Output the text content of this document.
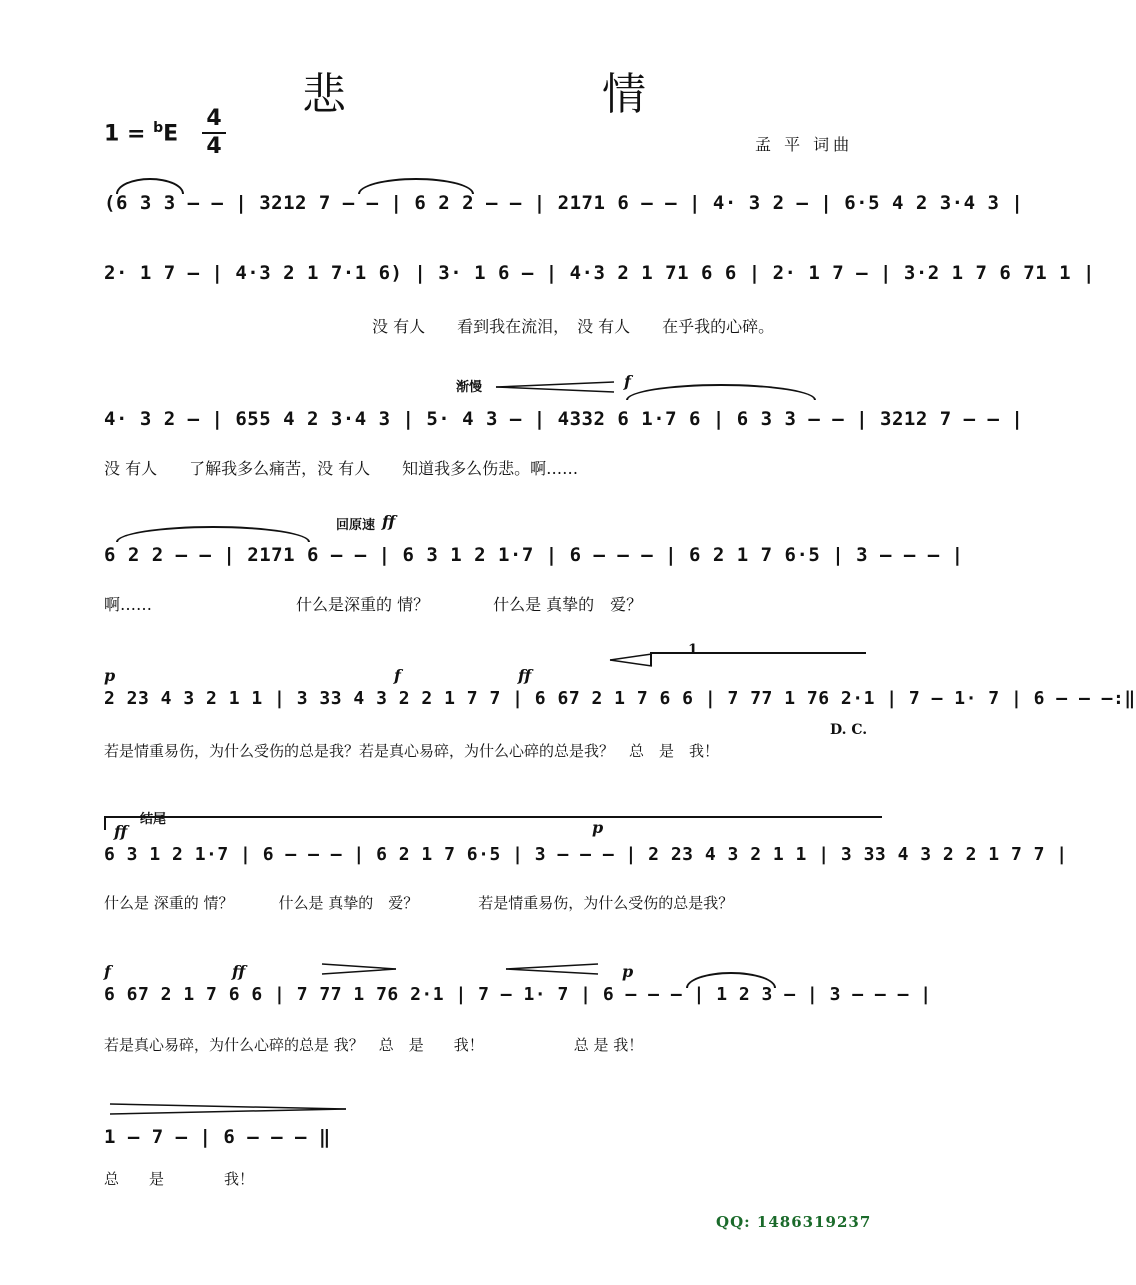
悲　　情
1 = $^b$E
4
4	孟 平 词曲
(6 3 3 — — | 3212 7 — — | 6 2 2 — — | 2171 6 — — | 4· 3 2 — | 6·5 4 2 3·4 3 |
2· 1 7 — | 4·3 2 1 7·1 6) | 3· 1 6 — | 4·3 2 1 71 6 6 | 2· 1 7 — | 3·2 1 7 6 71 1 |
没 有人　　看到我在流泪，　没 有人　　在乎我的心碎。
渐慢	f
4· 3 2 — | 655 4 2 3·4 3 | 5· 4 3 — | 4332 6 1·7 6 | 6 3 3 — — | 3212 7 — — |
没 有人　　了解我多么痛苦，没 有人　　知道我多么伤悲。啊……
回原速 ff
6 2 2 — — | 2171 6 — — | 6 3 1 2 1·7 | 6 — — — | 6 2 1 7 6·5 | 3 — — — |
啊……　　　　　　　　　什么是深重的 情？　　　　什么是 真挚的　爱？
p	f	ff
1
2 23 4 3 2 1 1 | 3 33 4 3 2 2 1 7 7 | 6 67 2 1 7 6 6 | 7 77 1 76 2·1 | 7 — 1· 7 | 6 — — —:‖
D. C.
若是情重易伤，为什么受伤的总是我？若是真心易碎，为什么心碎的总是我？　总　是　我！
结尾
ff	p
6 3 1 2 1·7 | 6 — — — | 6 2 1 7 6·5 | 3 — — — | 2 23 4 3 2 1 1 | 3 33 4 3 2 2 1 7 7 |
什么是 深重的 情？　　　什么是 真挚的　爱？　　　　若是情重易伤，为什么受伤的总是我？
f	ff	p
6 67 2 1 7 6 6 | 7 77 1 76 2·1 | 7 — 1· 7 | 6 — — — | 1 2 3 — | 3 — — — |
若是真心易碎，为什么心碎的总是 我？　总　是　　我！　　　　　　总 是 我！
1 — 7 — | 6 — — — ‖
总　　是　　　　我！
QQ: 1486319237
